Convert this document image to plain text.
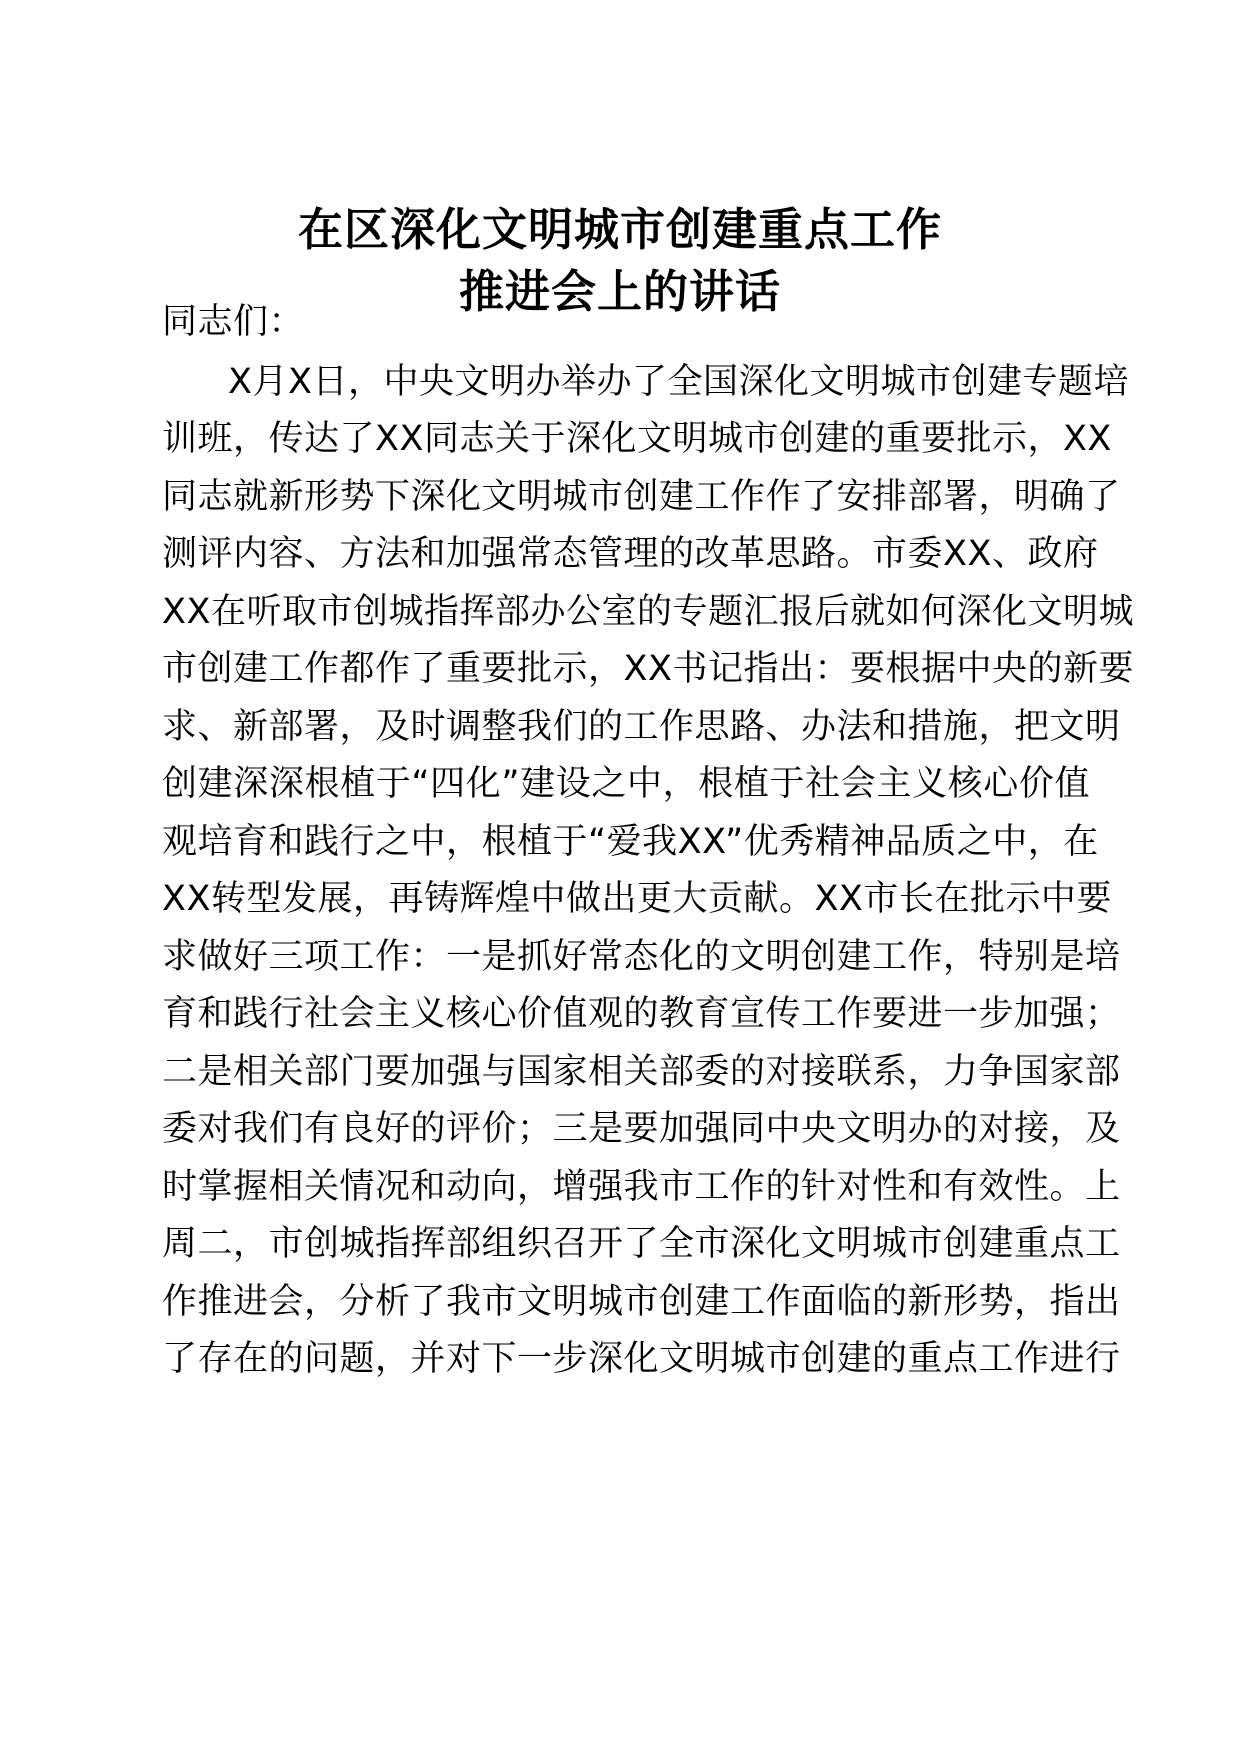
在区深化文明城市创建重点工作
推进会上的讲话
同志们：
X月X日，中央文明办举办了全国深化文明城市创建专题培
训班，传达了XX同志关于深化文明城市创建的重要批示，XX
同志就新形势下深化文明城市创建工作作了安排部署，明确了
测评内容、方法和加强常态管理的改革思路。市委XX、政府
XX在听取市创城指挥部办公室的专题汇报后就如何深化文明城
市创建工作都作了重要批示，XX书记指出：要根据中央的新要
求、新部署，及时调整我们的工作思路、办法和措施，把文明
创建深深根植于“四化”建设之中，根植于社会主义核心价值
观培育和践行之中，根植于“爱我XX”优秀精神品质之中，在
XX转型发展，再铸辉煌中做出更大贡献。XX市长在批示中要
求做好三项工作：一是抓好常态化的文明创建工作，特别是培
育和践行社会主义核心价值观的教育宣传工作要进一步加强；
二是相关部门要加强与国家相关部委的对接联系，力争国家部
委对我们有良好的评价；三是要加强同中央文明办的对接，及
时掌握相关情况和动向，增强我市工作的针对性和有效性。上
周二，市创城指挥部组织召开了全市深化文明城市创建重点工
作推进会，分析了我市文明城市创建工作面临的新形势，指出
了存在的问题，并对下一步深化文明城市创建的重点工作进行
